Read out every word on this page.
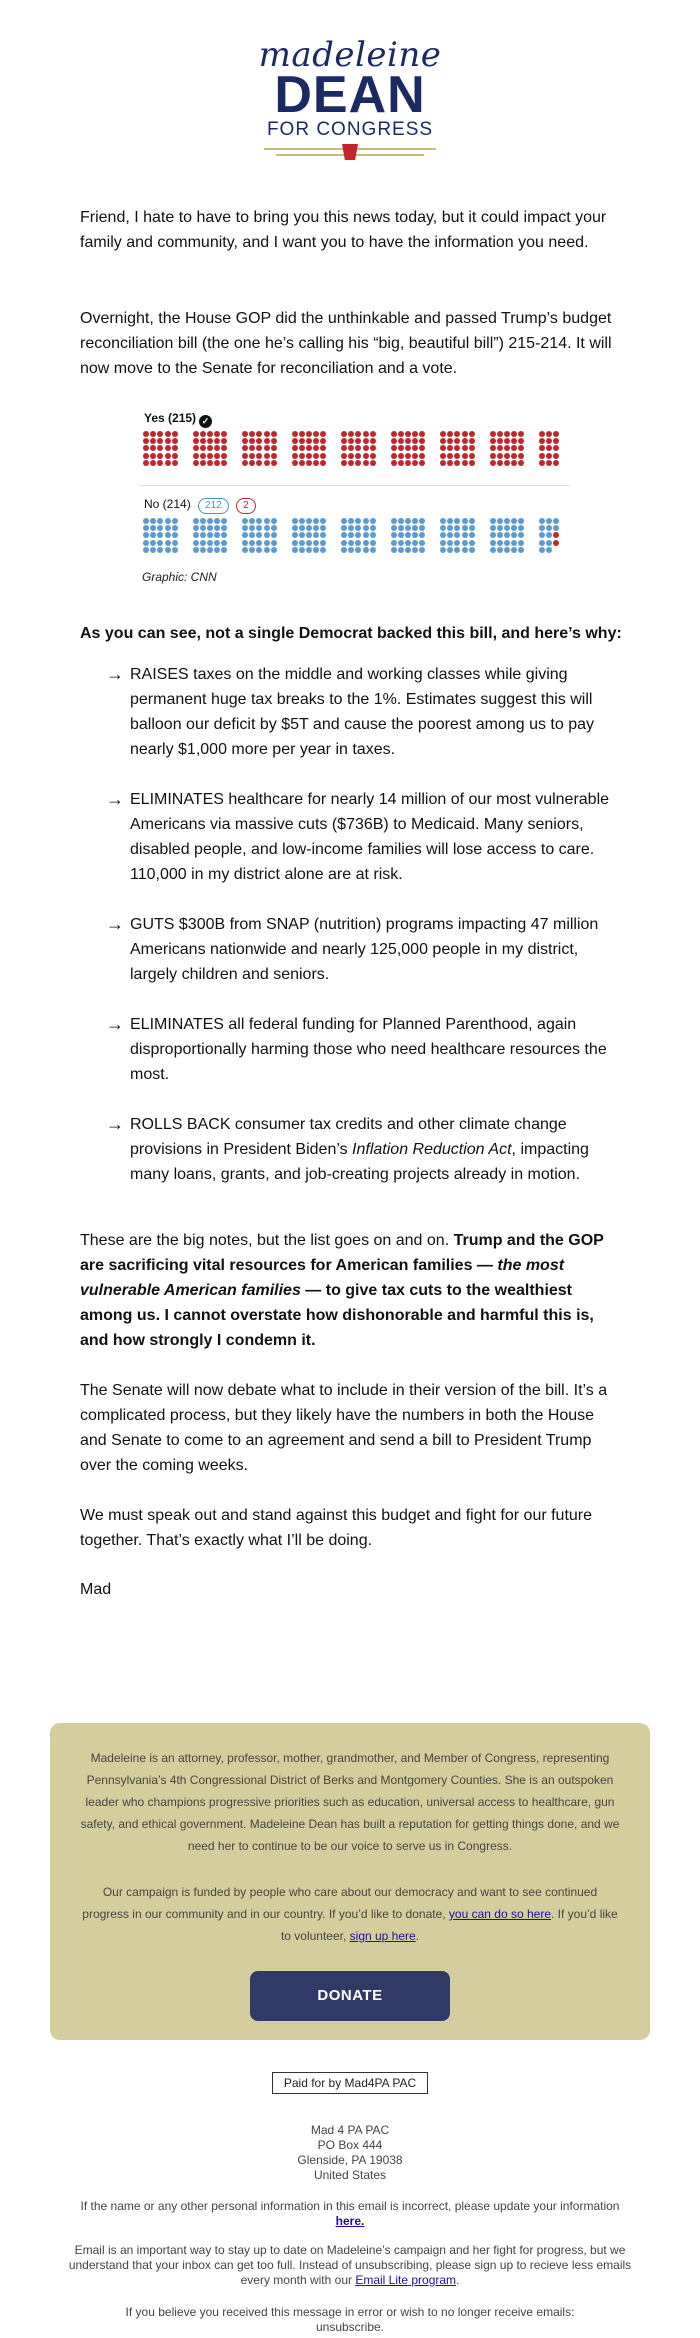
madeleine
DEAN
FOR CONGRESS

Friend, I hate to have to bring you this news today, but it could impact your family and community, and I want you to have the information you need.

Overnight, the House GOP did the unthinkable and passed Trump’s budget reconciliation bill (the one he’s calling his “big, beautiful bill”) 215-214. It will now move to the Senate for reconciliation and a vote.

Yes (215) ✓
No (214) 212 2
Graphic: CNN
As you can see, not a single Democrat backed this bill, and here’s why:
→ RAISES taxes on the middle and working classes while giving permanent huge tax breaks to the 1%. Estimates suggest this will balloon our deficit by $5T and cause the poorest among us to pay nearly $1,000 more per year in taxes.
→ ELIMINATES healthcare for nearly 14 million of our most vulnerable Americans via massive cuts ($736B) to Medicaid. Many seniors, disabled people, and low-income families will lose access to care. 110,000 in my district alone are at risk.
→ GUTS $300B from SNAP (nutrition) programs impacting 47 million Americans nationwide and nearly 125,000 people in my district, largely children and seniors.
→ ELIMINATES all federal funding for Planned Parenthood, again disproportionally harming those who need healthcare resources the most.
→ ROLLS BACK consumer tax credits and other climate change provisions in President Biden’s Inflation Reduction Act, impacting many loans, grants, and job-creating projects already in motion.

These are the big notes, but the list goes on and on. Trump and the GOP are sacrificing vital resources for American families — the most vulnerable American families — to give tax cuts to the wealthiest among us. I cannot overstate how dishonorable and harmful this is, and how strongly I condemn it.

The Senate will now debate what to include in their version of the bill. It’s a complicated process, but they likely have the numbers in both the House and Senate to come to an agreement and send a bill to President Trump over the coming weeks.

We must speak out and stand against this budget and fight for our future together. That’s exactly what I’ll be doing.

Mad

Madeleine is an attorney, professor, mother, grandmother, and Member of Congress, representing Pennsylvania’s 4th Congressional District of Berks and Montgomery Counties. She is an outspoken leader who champions progressive priorities such as education, universal access to healthcare, gun safety, and ethical government. Madeleine Dean has built a reputation for getting things done, and we need her to continue to be our voice to serve us in Congress.

Our campaign is funded by people who care about our democracy and want to see continued progress in our community and in our country. If you’d like to donate, you can do so here. If you’d like to volunteer, sign up here.

DONATE
Paid for by Mad4PA PAC
Mad 4 PA PAC
PO Box 444
Glenside, PA 19038
United States

If the name or any other personal information in this email is incorrect, please update your information
here.

Email is an important way to stay up to date on Madeleine’s campaign and her fight for progress, but we understand that your inbox can get too full. Instead of unsubscribing, please sign up to recieve less emails every month with our Email Lite program.

If you believe you received this message in error or wish to no longer receive emails:
unsubscribe.
